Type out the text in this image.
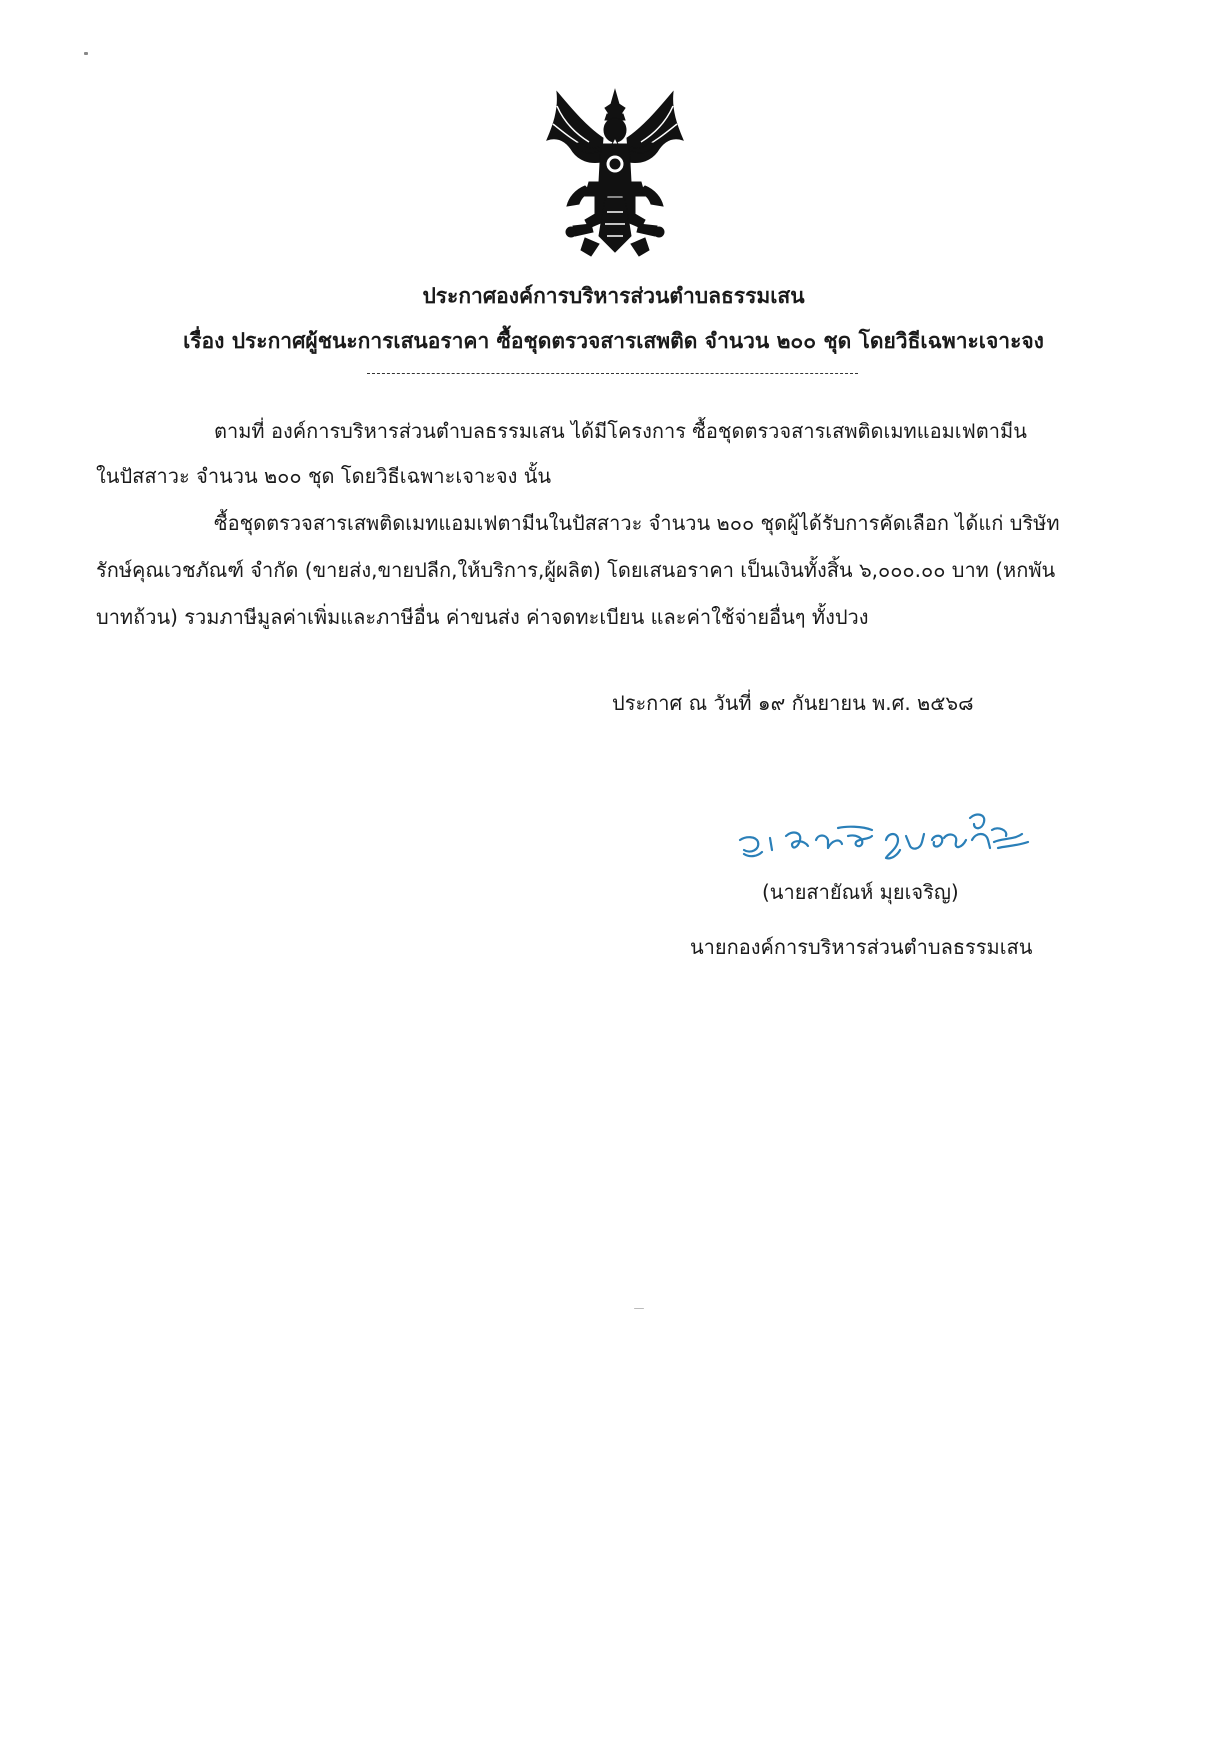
ประกาศองค์การบริหารส่วนตำบลธรรมเสน
เรื่อง ประกาศผู้ชนะการเสนอราคา ซื้อชุดตรวจสารเสพติด จำนวน ๒๐๐ ชุด โดยวิธีเฉพาะเจาะจง
ตามที่ องค์การบริหารส่วนตำบลธรรมเสน ได้มีโครงการ ซื้อชุดตรวจสารเสพติดเมทแอมเฟตามีน
ในปัสสาวะ จำนวน ๒๐๐ ชุด โดยวิธีเฉพาะเจาะจง นั้น
ซื้อชุดตรวจสารเสพติดเมทแอมเฟตามีนในปัสสาวะ จำนวน ๒๐๐ ชุดผู้ได้รับการคัดเลือก ได้แก่ บริษัท
รักษ์คุณเวชภัณฑ์ จำกัด (ขายส่ง,ขายปลีก,ให้บริการ,ผู้ผลิต) โดยเสนอราคา เป็นเงินทั้งสิ้น ๖,๐๐๐.๐๐ บาท (หกพัน
บาทถ้วน) รวมภาษีมูลค่าเพิ่มและภาษีอื่น ค่าขนส่ง ค่าจดทะเบียน และค่าใช้จ่ายอื่นๆ ทั้งปวง
ประกาศ ณ วันที่ ๑๙ กันยายน พ.ศ. ๒๕๖๘
(นายสายัณห์ มุยเจริญ)
นายกองค์การบริหารส่วนตำบลธรรมเสน
